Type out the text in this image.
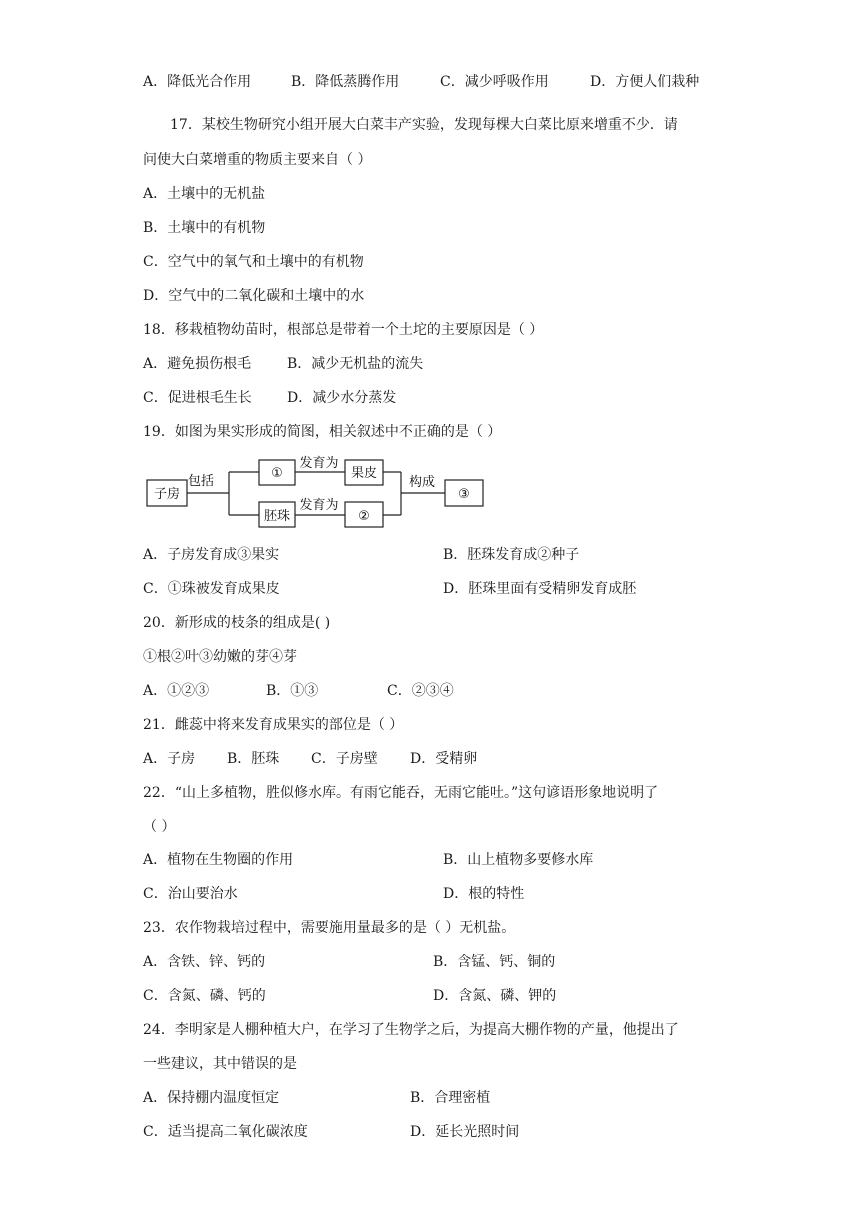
A．降低光合作用	B．降低蒸腾作用	C．减少呼吸作用	D．方便人们栽种
17．某校生物研究小组开展大白菜丰产实验，发现每棵大白菜比原来增重不少．请
问使大白菜增重的物质主要来自（ ）
A．土壤中的无机盐
B．土壤中的有机物
C．空气中的氧气和土壤中的有机物
D．空气中的二氧化碳和土壤中的水
18．移栽植物幼苗时，根部总是带着一个土坨的主要原因是（ ）
A．避免损伤根毛	B．减少无机盐的流失
C．促进根毛生长	D．减少水分蒸发
19．如图为果实形成的简图，相关叙述中不正确的是（ ）
子房
包括
①
发育为
果皮
胚珠
发育为
②
构成
③
A．子房发育成③果实	B．胚珠发育成②种子
C．①珠被发育成果皮	D．胚珠里面有受精卵发育成胚
20．新形成的枝条的组成是( )
①根②叶③幼嫩的芽④芽
A．①②③	B．①③	C．②③④
21．雌蕊中将来发育成果实的部位是（ ）
A．子房 B．胚珠 C．子房壁 D．受精卵
22．“山上多植物，胜似修水库。有雨它能吞，无雨它能吐。”这句谚语形象地说明了
（ ）
A．植物在生物圈的作用	B．山上植物多要修水库
C．治山要治水	D．根的特性
23．农作物栽培过程中，需要施用量最多的是（ ）无机盐。
A．含铁、锌、钙的	B．含锰、钙、铜的
C．含氮、磷、钙的	D．含氮、磷、钾的
24．李明家是人棚种植大户，在学习了生物学之后，为提高大棚作物的产量，他提出了
一些建议，其中错误的是
A．保持棚内温度恒定	B．合理密植
C．适当提高二氧化碳浓度	D．延长光照时间
